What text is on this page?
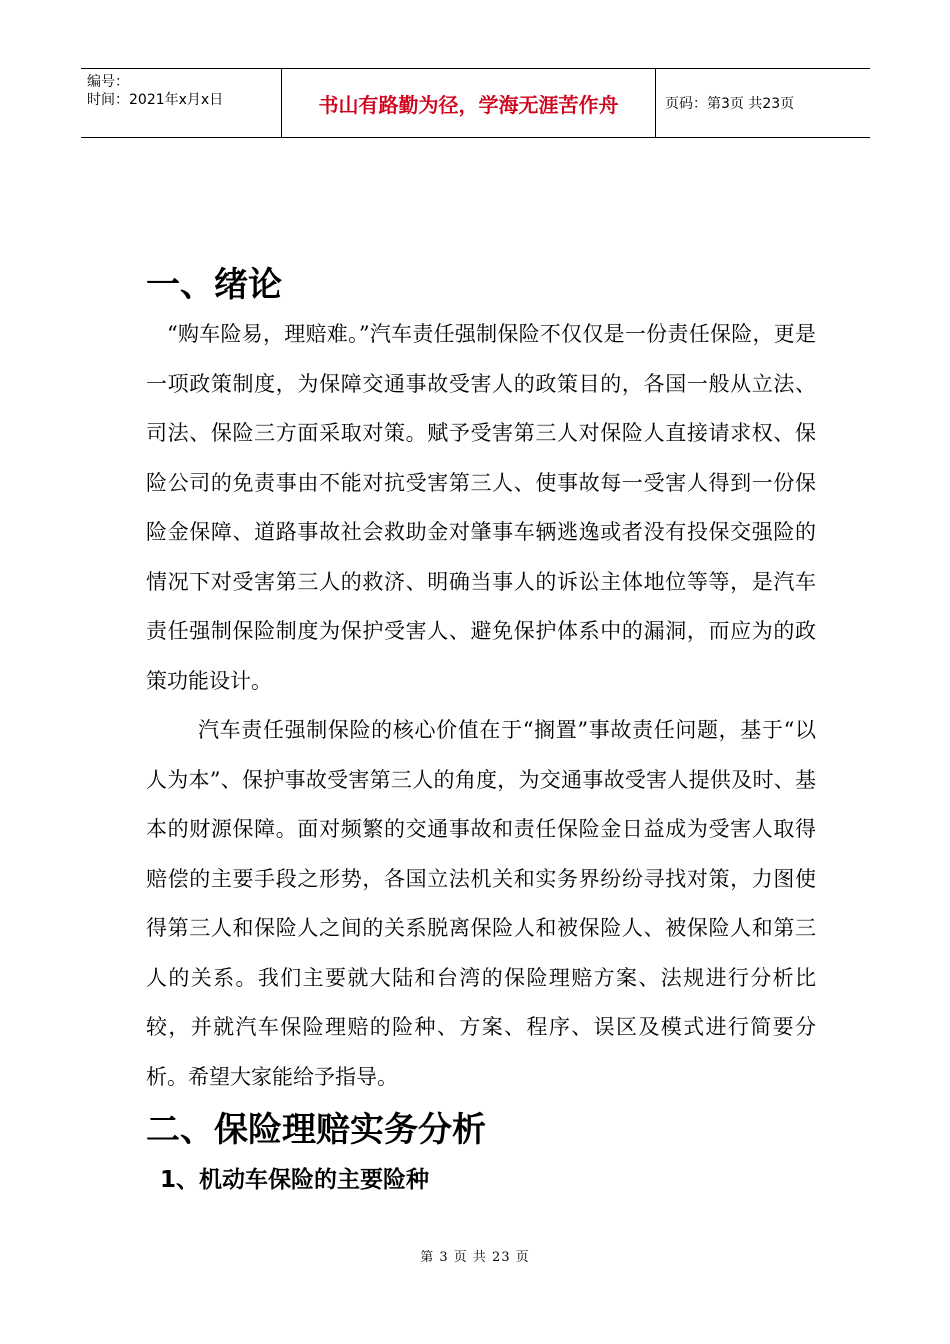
编号：
时间：2021年x月x日	书山有路勤为径，学海无涯苦作舟	页码：第3页 共23页
一、绪论

“购车险易，理赔难。”汽车责任强制保险不仅仅是一份责任保险，更是一项政策制度，为保障交通事故受害人的政策目的，各国一般从立法、司法、保险三方面采取对策。赋予受害第三人对保险人直接请求权、保险公司的免责事由不能对抗受害第三人、使事故每一受害人得到一份保险金保障、道路事故社会救助金对肇事车辆逃逸或者没有投保交强险的情况下对受害第三人的救济、明确当事人的诉讼主体地位等等，是汽车责任强制保险制度为保护受害人、避免保护体系中的漏洞，而应为的政策功能设计。

汽车责任强制保险的核心价值在于“搁置”事故责任问题，基于“以人为本”、保护事故受害第三人的角度，为交通事故受害人提供及时、基本的财源保障。面对频繁的交通事故和责任保险金日益成为受害人取得赔偿的主要手段之形势，各国立法机关和实务界纷纷寻找对策，力图使得第三人和保险人之间的关系脱离保险人和被保险人、被保险人和第三人的关系。我们主要就大陆和台湾的保险理赔方案、法规进行分析比较，并就汽车保险理赔的险种、方案、程序、误区及模式进行简要分析。希望大家能给予指导。

二、保险理赔实务分析
1、机动车保险的主要险种
第 3 页 共 23 页
